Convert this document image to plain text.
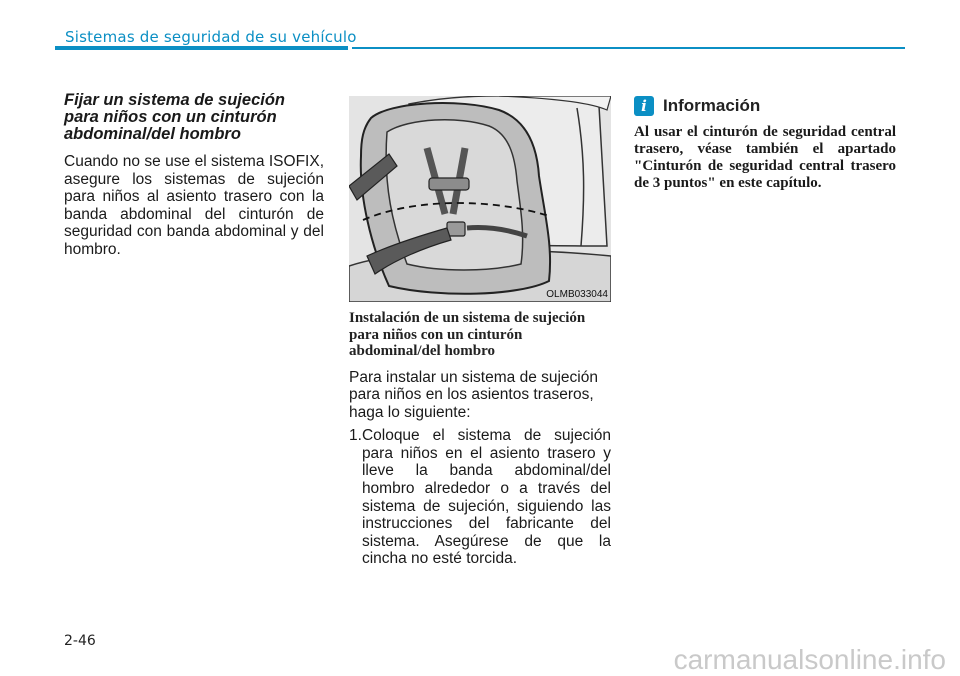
Sistemas de seguridad de su vehículo
Fijar un sistema de sujeción para niños con un cinturón abdominal/del hombro

Cuando no se use el sistema ISOFIX, asegure los sistemas de sujeción para niños al asiento trasero con la banda abdominal del cinturón de seguridad con banda abdominal y del hombro.

OLMB033044
Instalación de un sistema de sujeción para niños con un cinturón abdominal/del hombro

Para instalar un sistema de sujeción para niños en los asientos traseros, haga lo siguiente:

1. Coloque el sistema de sujeción para niños en el asiento trasero y lleve la banda abdominal/del hombro alrededor o a través del sistema de sujeción, siguiendo las instrucciones del fabricante del sistema. Asegúrese de que la cincha no esté torcida.
i Información

Al usar el cinturón de seguridad central trasero, véase también el apartado "Cinturón de seguridad central trasero de 3 puntos" en este capítulo.

2-46
carmanualsonline.info
